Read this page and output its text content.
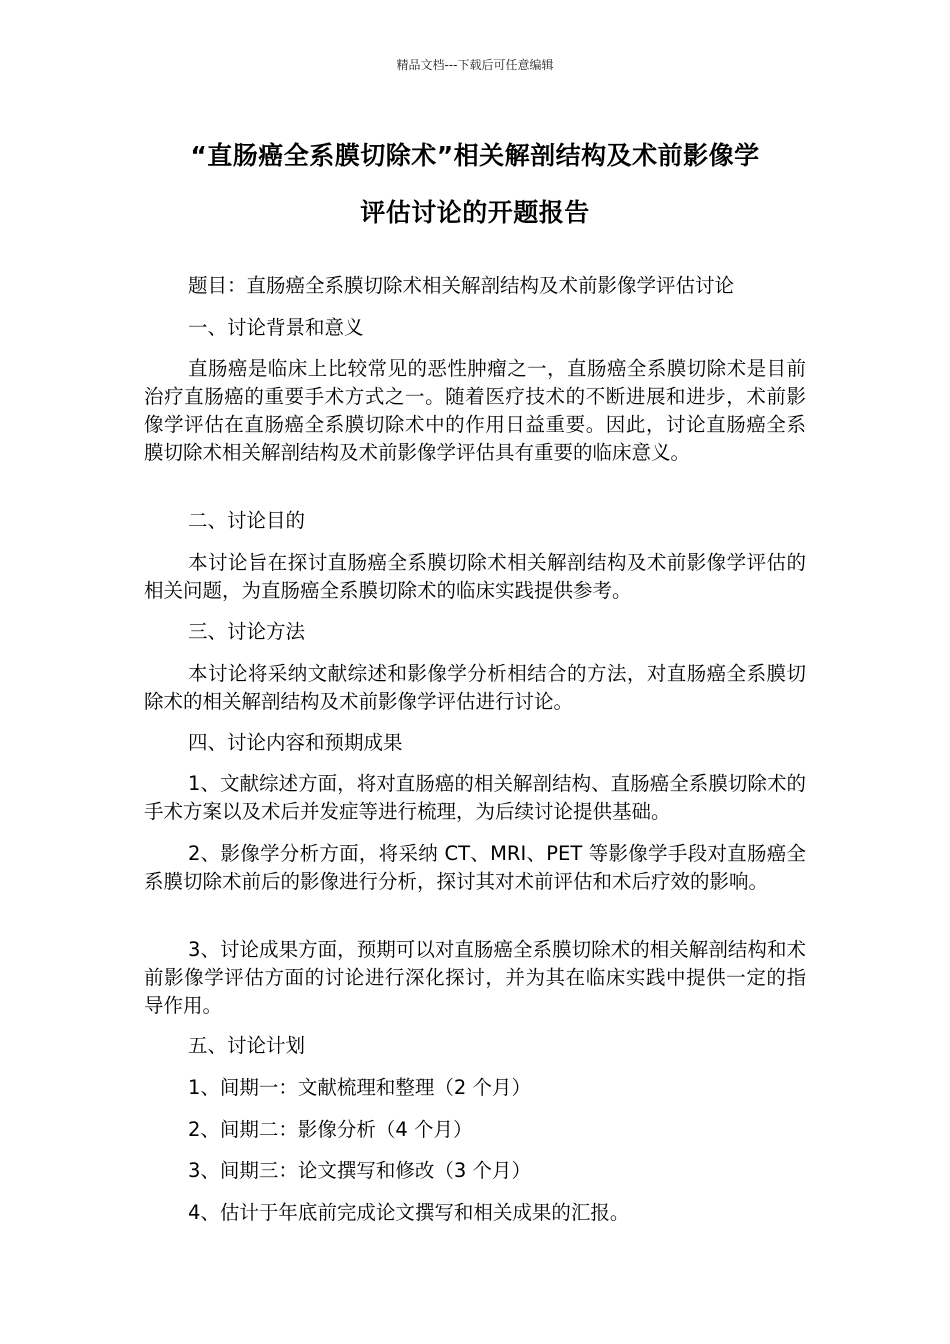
精品文档---下载后可任意编辑
“直肠癌全系膜切除术”相关解剖结构及术前影像学
评估讨论的开题报告
题目：直肠癌全系膜切除术相关解剖结构及术前影像学评估讨论
一、讨论背景和意义
直肠癌是临床上比较常见的恶性肿瘤之一，直肠癌全系膜切除术是目前治疗直肠癌的重要手术方式之一。随着医疗技术的不断进展和进步，术前影像学评估在直肠癌全系膜切除术中的作用日益重要。因此，讨论直肠癌全系膜切除术相关解剖结构及术前影像学评估具有重要的临床意义。
二、讨论目的
本讨论旨在探讨直肠癌全系膜切除术相关解剖结构及术前影像学评估的相关问题，为直肠癌全系膜切除术的临床实践提供参考。
三、讨论方法
本讨论将采纳文献综述和影像学分析相结合的方法，对直肠癌全系膜切除术的相关解剖结构及术前影像学评估进行讨论。
四、讨论内容和预期成果
1、文献综述方面，将对直肠癌的相关解剖结构、直肠癌全系膜切除术的手术方案以及术后并发症等进行梳理，为后续讨论提供基础。
2、影像学分析方面，将采纳 CT、MRI、PET 等影像学手段对直肠癌全系膜切除术前后的影像进行分析，探讨其对术前评估和术后疗效的影响。
3、讨论成果方面，预期可以对直肠癌全系膜切除术的相关解剖结构和术前影像学评估方面的讨论进行深化探讨，并为其在临床实践中提供一定的指导作用。
五、讨论计划
1、间期一：文献梳理和整理（2 个月）
2、间期二：影像分析（4 个月）
3、间期三：论文撰写和修改（3 个月）
4、估计于年底前完成论文撰写和相关成果的汇报。
